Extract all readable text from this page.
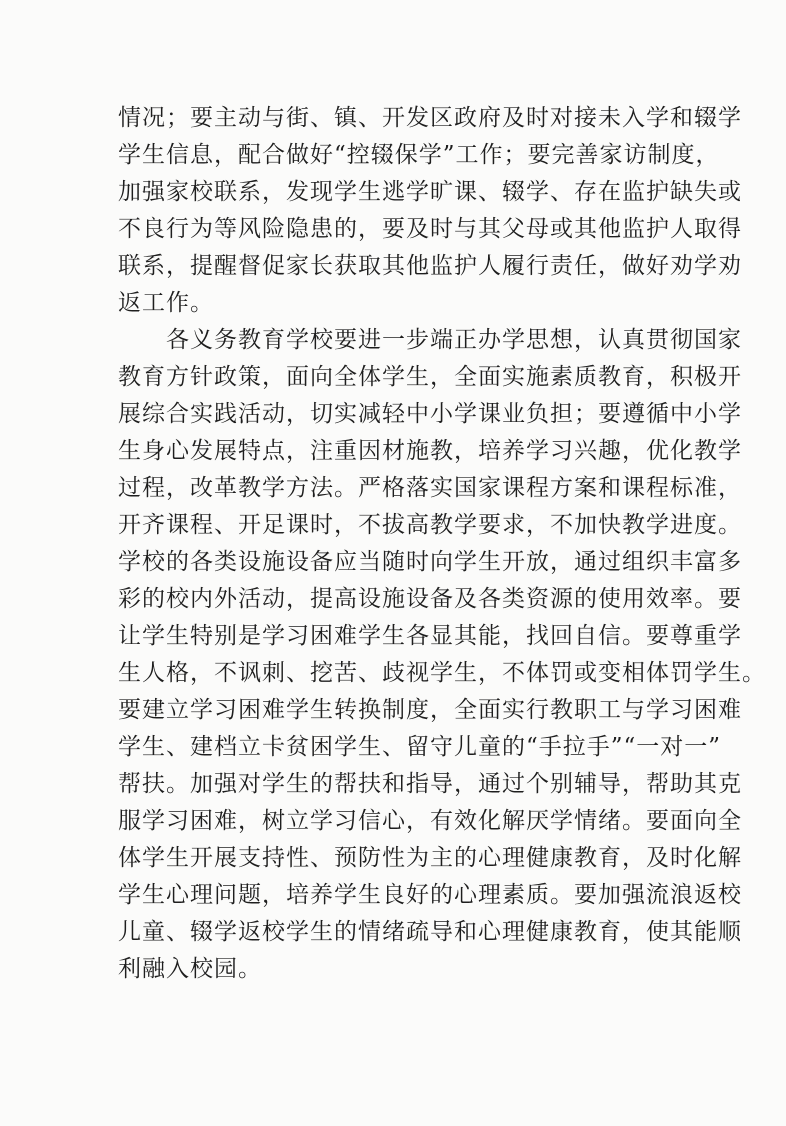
情况；要主动与街、镇、开发区政府及时对接未入学和辍学
学生信息，配合做好“控辍保学”工作；要完善家访制度，
加强家校联系，发现学生逃学旷课、辍学、存在监护缺失或
不良行为等风险隐患的，要及时与其父母或其他监护人取得
联系，提醒督促家长获取其他监护人履行责任，做好劝学劝
返工作。
　　各义务教育学校要进一步端正办学思想，认真贯彻国家
教育方针政策，面向全体学生，全面实施素质教育，积极开
展综合实践活动，切实减轻中小学课业负担；要遵循中小学
生身心发展特点，注重因材施教，培养学习兴趣，优化教学
过程，改革教学方法。严格落实国家课程方案和课程标准，
开齐课程、开足课时，不拔高教学要求，不加快教学进度。
学校的各类设施设备应当随时向学生开放，通过组织丰富多
彩的校内外活动，提高设施设备及各类资源的使用效率。要
让学生特别是学习困难学生各显其能，找回自信。要尊重学
生人格，不讽刺、挖苦、歧视学生，不体罚或变相体罚学生。
要建立学习困难学生转换制度，全面实行教职工与学习困难
学生、建档立卡贫困学生、留守儿童的“手拉手”“一对一”
帮扶。加强对学生的帮扶和指导，通过个别辅导，帮助其克
服学习困难，树立学习信心，有效化解厌学情绪。要面向全
体学生开展支持性、预防性为主的心理健康教育，及时化解
学生心理问题，培养学生良好的心理素质。要加强流浪返校
儿童、辍学返校学生的情绪疏导和心理健康教育，使其能顺
利融入校园。
